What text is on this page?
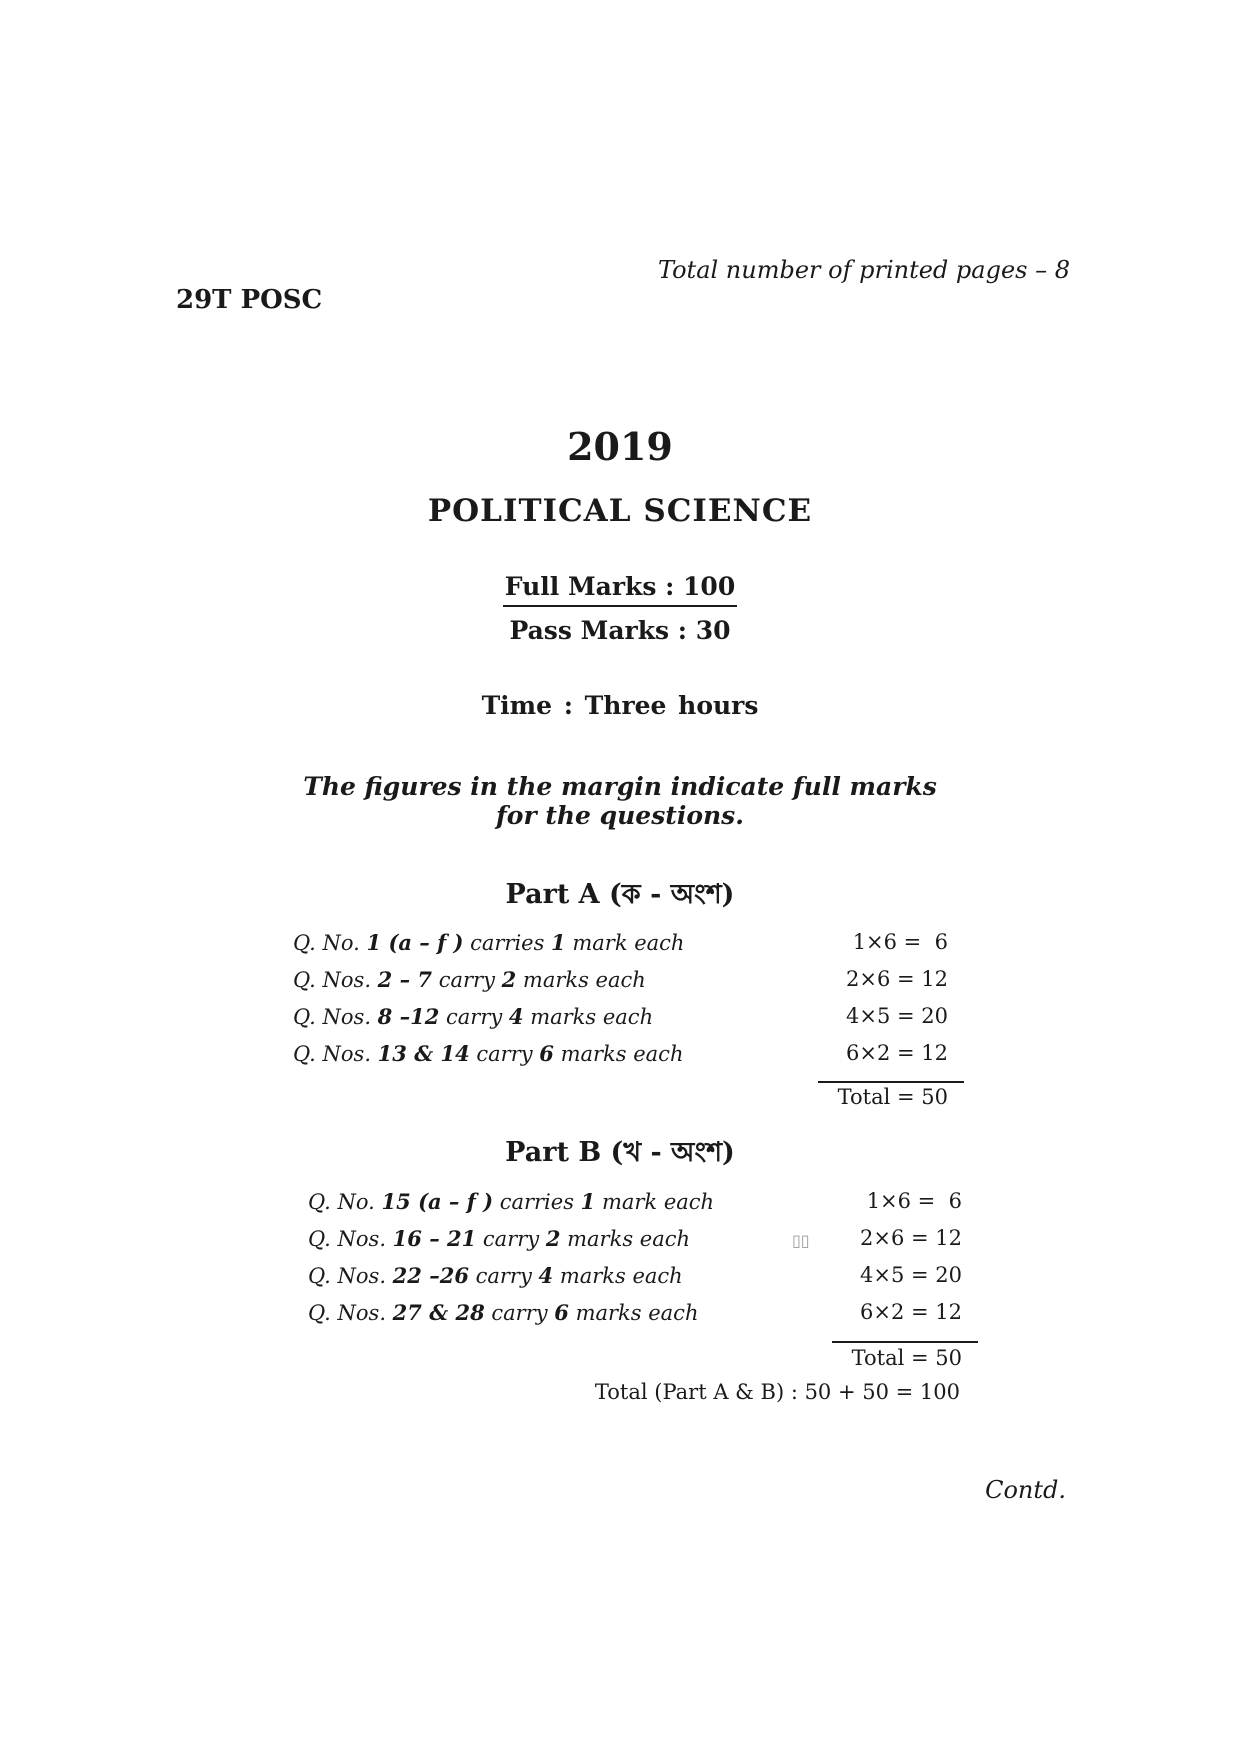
Total number of printed pages – 8
29T POSC
2019
POLITICAL SCIENCE
Full Marks : 100
Pass Marks : 30
Time : Three hours
The figures in the margin indicate full marks
for the questions.
Part A (ক - অংশ)
Q. No. 1 (a – f ) carries 1 mark each	1×6 =  6
Q. Nos. 2 – 7 carry 2 marks each	2×6 = 12
Q. Nos. 8 –12 carry 4 marks each	4×5 = 20
Q. Nos. 13 & 14 carry 6 marks each	6×2 = 12
Total = 50
Part B (খ - অংশ)
Q. No. 15 (a – f ) carries 1 mark each	1×6 =  6
Q. Nos. 16 – 21 carry 2 marks each	2×6 = 12
Q. Nos. 22 –26 carry 4 marks each	4×5 = 20
Q. Nos. 27 & 28 carry 6 marks each	6×2 = 12
▯▯
Total = 50
Total (Part A & B) : 50 + 50 = 100
Contd.
